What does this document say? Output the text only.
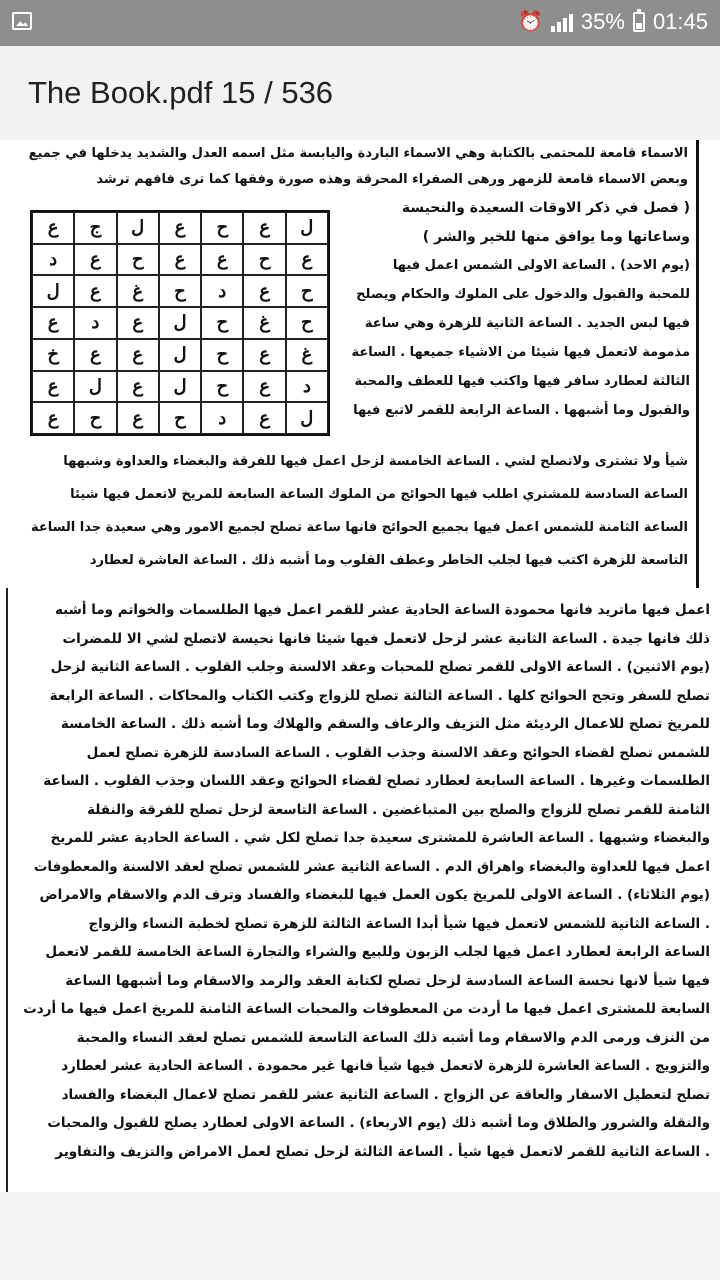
⏰ 35% 01:45
The Book.pdf 15 / 536
ع	ج	ل	ع	ح	ع	ل
د	ع	ح	ع	ع	ح	ع
ل	ع	غ	ح	د	ع	ح
ع	د	ع	ل	ح	غ	ح
خ	ع	ع	ل	ح	ع	غ
ع	ل	ع	ل	ح	ع	د
ع	ح	ع	ح	د	ع	ل
الاسماء قامعة للمحتمى بالكتابة وهي الاسماء الباردة واليابسة مثل اسمه العدل والشديد يدخلها في جميع
وبعض الاسماء قامعة للزمهر ورهى الصفراء المحرقة وهذه صورة وفقها كما ترى فافهم ترشد
( فصل في ذكر الاوقات السعيدة والنحيسة
وساعاتها وما يوافق منها للخير والشر )
(يوم الاحد) . الساعة الاولى الشمس اعمل فيها
للمحبة والقبول والدخول على الملوك والحكام ويصلح
فيها لبس الجديد . الساعة الثانية للزهرة وهي ساعة
مذمومة لاتعمل فيها شيئا من الاشياء جميعها . الساعة
الثالثة لعطارد سافر فيها واكتب فيها للعطف والمحبة
والقبول وما أشبهها . الساعة الرابعة للقمر لاتبع فيها
شيأ ولا تشترى ولاتصلح لشي . الساعة الخامسة لزحل اعمل فيها للفرقة والبغضاء والعداوة وشبهها
الساعة السادسة للمشتري اطلب فيها الحوائج من الملوك الساعة السابعة للمريخ لاتعمل فيها شيئا
الساعة الثامنة للشمس اعمل فيها بجميع الحوائج فانها ساعة تصلح لجميع الامور وهي سعيدة جدا الساعة
التاسعة للزهرة اكتب فيها لجلب الخاطر وعطف القلوب وما أشبه ذلك . الساعة العاشرة لعطارد
اعمل فيها ماتريد فانها محمودة الساعة الحادية عشر للقمر اعمل فيها الطلسمات والخواتم وما أشبه
ذلك فانها جيدة . الساعة الثانية عشر لزحل لاتعمل فيها شيئا فانها نحيسة لاتصلح لشي الا للمضرات
(يوم الاثنين) . الساعة الاولى للقمر تصلح للمحبات وعقد الالسنة وجلب القلوب . الساعة الثانية لزحل
تصلح للسفر وتجح الحوائج كلها . الساعة الثالثة تصلح للزواج وكتب الكتاب والمحاكات . الساعة الرابعة
للمريخ تصلح للاعمال الرديئة مثل التزيف والرعاف والسقم والهلاك وما أشبه ذلك . الساعة الخامسة
للشمس تصلح لقضاء الحوائج وعقد الالسنة وجذب القلوب . الساعة السادسة للزهرة تصلح لعمل
الطلسمات وغيرها . الساعة السابعة لعطارد تصلح لقضاء الحوائج وعقد اللسان وجذب القلوب . الساعة
الثامنة للقمر تصلح للزواج والصلح بين المتباغضين . الساعة التاسعة لزحل تصلح للفرقة والنقلة
والبغضاء وشبهها . الساعة العاشرة للمشترى سعيدة جدا تصلح لكل شي . الساعة الحادية عشر للمريخ
اعمل فيها للعداوة والبغضاء واهراق الدم . الساعة الثانية عشر للشمس تصلح لعقد الالسنة والمعطوفات
(يوم الثلاثاء) . الساعة الاولى للمريخ يكون العمل فيها للبغضاء والفساد وترف الدم والاسقام والامراض
. الساعة الثانية للشمس لاتعمل فيها شيأ أبدا الساعة الثالثة للزهرة تصلح لخطبة النساء والزواج
الساعة الرابعة لعطارد اعمل فيها لجلب الزبون وللبيع والشراء والتجارة الساعة الخامسة للقمر لاتعمل
فيها شيأ لانها نحسة الساعة السادسة لزحل تصلح لكتابة العقد والرمد والاسقام وما أشبهها الساعة
السابعة للمشترى اعمل فيها ما أردت من المعطوفات والمحبات الساعة الثامنة للمريخ اعمل فيها ما أردت
من النزف ورمى الدم والاسقام وما أشبه ذلك الساعة التاسعة للشمس تصلح لعقد النساء والمحبة
والتزويج . الساعة العاشرة للزهرة لاتعمل فيها شيأ فانها غير محمودة . الساعة الحادية عشر لعطارد
تصلح لتعطيل الاسفار والعاقة عن الزواج . الساعة الثانية عشر للقمر تصلح لاعمال البغضاء والفساد
والنقلة والشرور والطلاق وما أشبه ذلك (يوم الاربعاء) . الساعة الاولى لعطارد يصلح للقبول والمحبات
. الساعة الثانية للقمر لاتعمل فيها شيأ . الساعة الثالثة لزحل تصلح لعمل الامراض والتزيف والتفاوير
